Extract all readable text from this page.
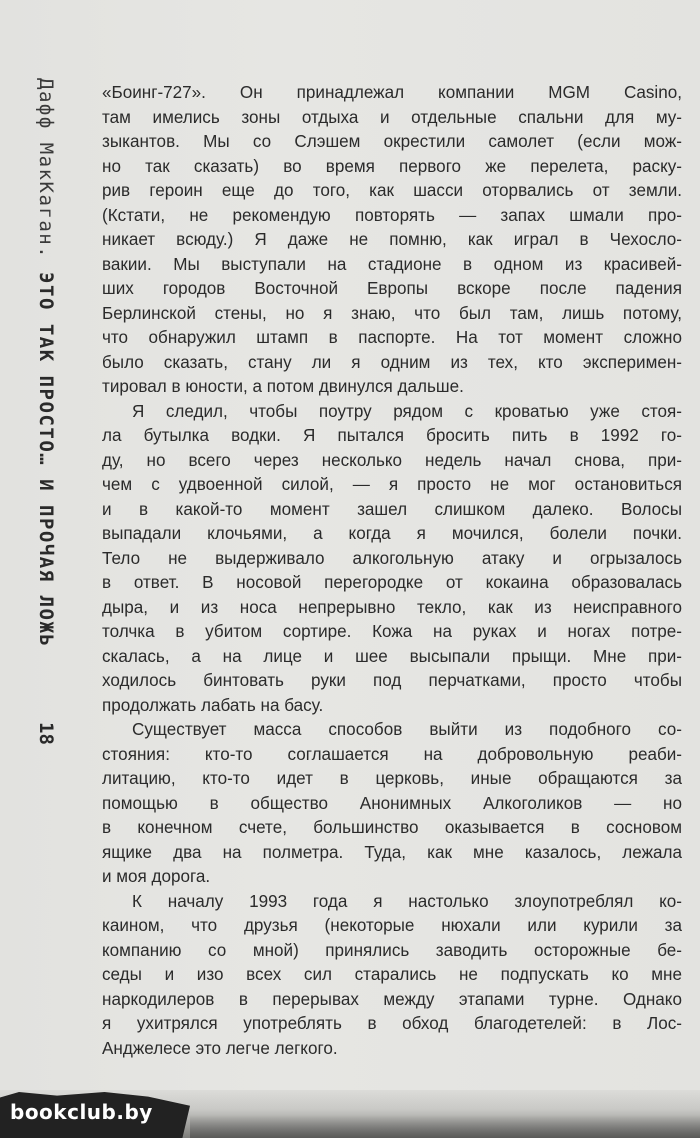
Дафф МакКаган. ЭТО ТАК ПРОСТО… И ПРОЧАЯ ЛОЖЬ
18
«Боинг-727». Он принадлежал компании MGM Casino,
там имелись зоны отдыха и отдельные спальни для му-
зыкантов. Мы со Слэшем окрестили самолет (если мож-
но так сказать) во время первого же перелета, раску-
рив героин еще до того, как шасси оторвались от земли.
(Кстати, не рекомендую повторять — запах шмали про-
никает всюду.) Я даже не помню, как играл в Чехосло-
вакии. Мы выступали на стадионе в одном из красивей-
ших городов Восточной Европы вскоре после падения
Берлинской стены, но я знаю, что был там, лишь потому,
что обнаружил штамп в паспорте. На тот момент сложно
было сказать, стану ли я одним из тех, кто эксперимен-
тировал в юности, а потом двинулся дальше.
Я следил, чтобы поутру рядом с кроватью уже стоя-
ла бутылка водки. Я пытался бросить пить в 1992 го-
ду, но всего через несколько недель начал снова, при-
чем с удвоенной силой, — я просто не мог остановиться
и в какой-то момент зашел слишком далеко. Волосы
выпадали клочьями, а когда я мочился, болели почки.
Тело не выдерживало алкогольную атаку и огрызалось
в ответ. В носовой перегородке от кокаина образовалась
дыра, и из носа непрерывно текло, как из неисправного
толчка в убитом сортире. Кожа на руках и ногах потре-
скалась, а на лице и шее высыпали прыщи. Мне при-
ходилось бинтовать руки под перчатками, просто чтобы
продолжать лабать на басу.
Существует масса способов выйти из подобного со-
стояния: кто-то соглашается на добровольную реаби-
литацию, кто-то идет в церковь, иные обращаются за
помощью в общество Анонимных Алкоголиков — но
в конечном счете, большинство оказывается в сосновом
ящике два на полметра. Туда, как мне казалось, лежала
и моя дорога.
К началу 1993 года я настолько злоупотреблял ко-
каином, что друзья (некоторые нюхали или курили за
компанию со мной) принялись заводить осторожные бе-
седы и изо всех сил старались не подпускать ко мне
наркодилеров в перерывах между этапами турне. Однако
я ухитрялся употреблять в обход благодетелей: в Лос-
Анджелесе это легче легкого.
bookclub.by
